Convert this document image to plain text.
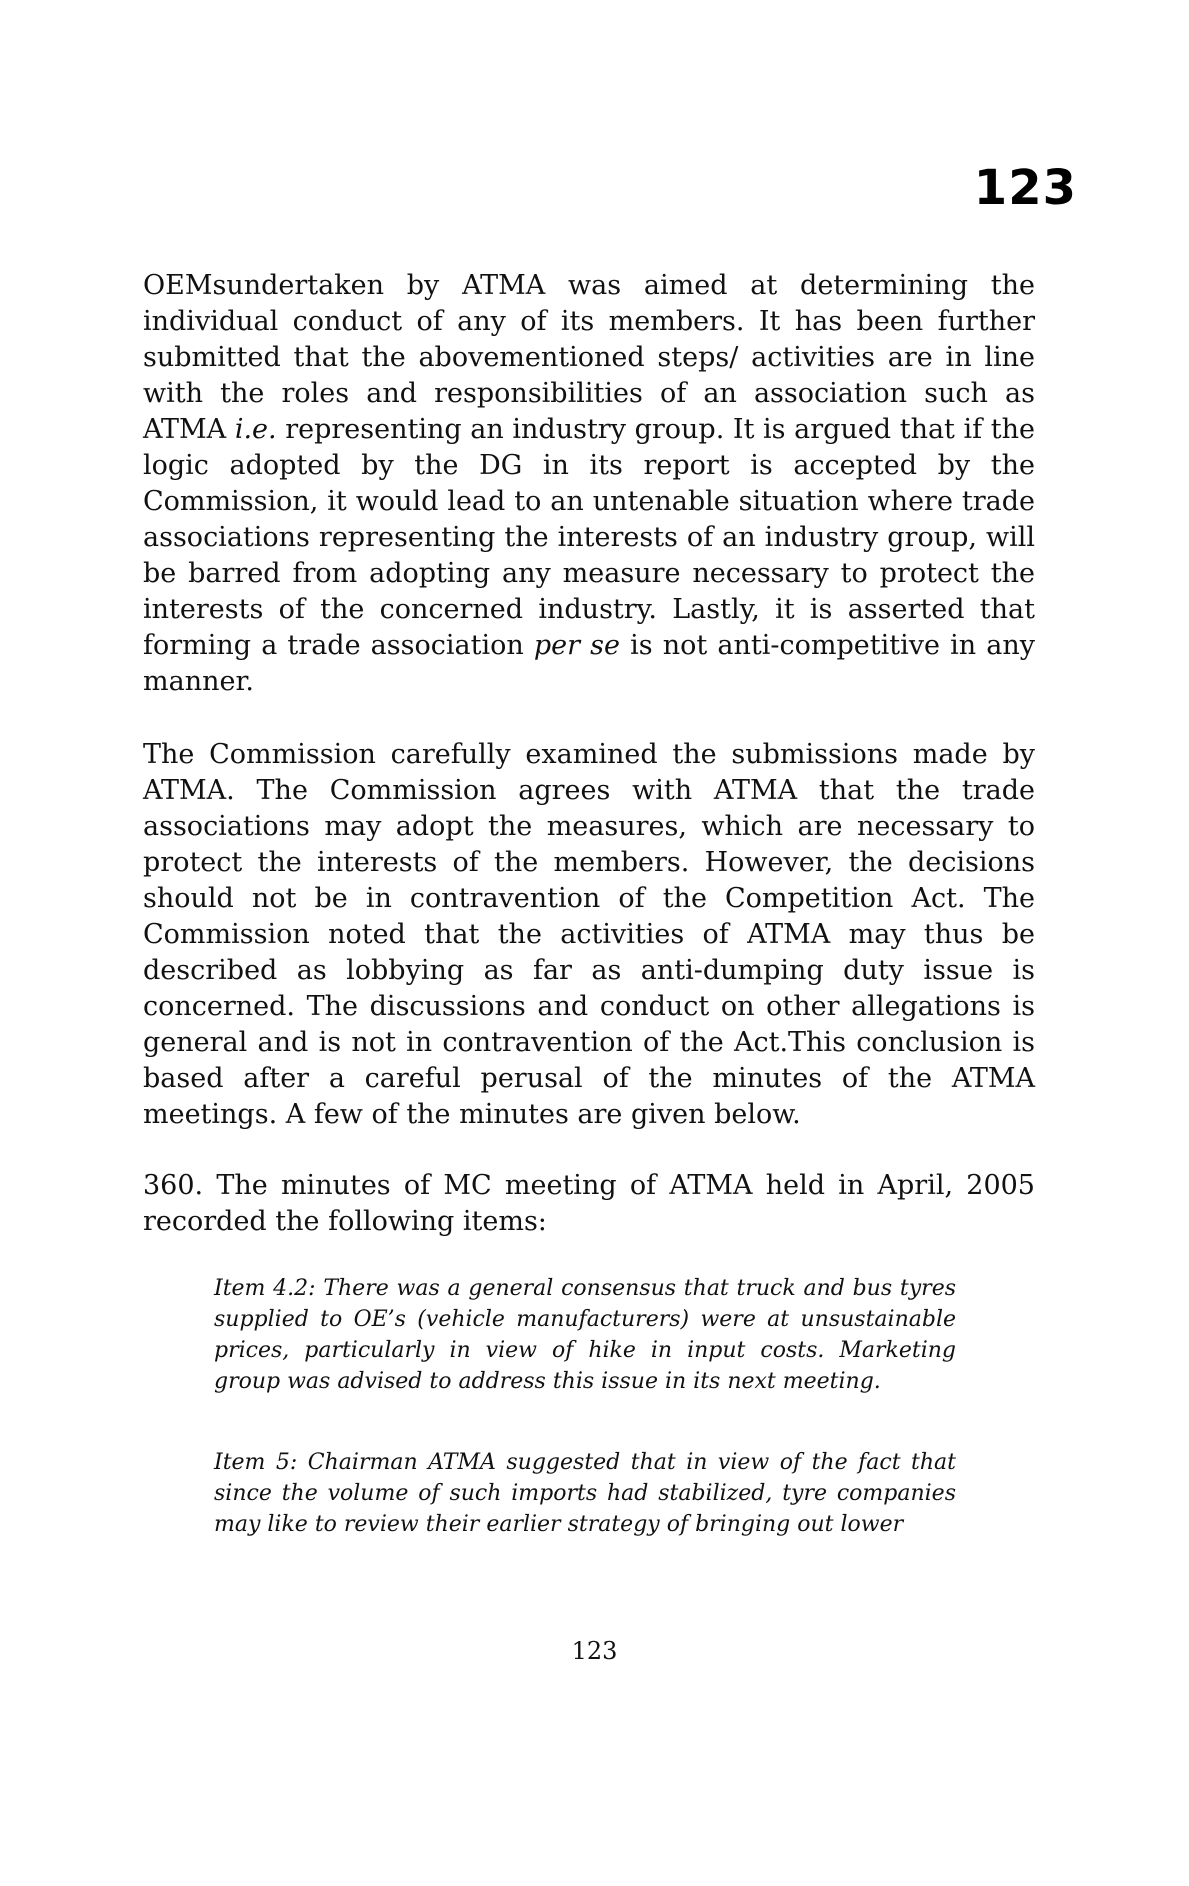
123
OEMsundertaken by ATMA was aimed at determining the individual conduct of any of its members. It has been further submitted that the abovementioned steps/ activities are in line with the roles and responsibilities of an association such as ATMA i.e. representing an industry group. It is argued that if the logic adopted by the DG in its report is accepted by the Commission, it would lead to an untenable situation where trade associations representing the interests of an industry group, will be barred from adopting any measure necessary to protect the interests of the concerned industry. Lastly, it is asserted that forming a trade association per se is not anti-competitive in any manner.
The Commission carefully examined the submissions made by ATMA. The Commission agrees with ATMA that the trade associations may adopt the measures, which are necessary to protect the interests of the members. However, the decisions should not be in contravention of the Competition Act. The Commission noted that the activities of ATMA may thus be described as lobbying as far as anti-dumping duty issue is concerned. The discussions and conduct on other allegations is general and is not in contravention of the Act.This conclusion is based after a careful perusal of the minutes of the ATMA meetings. A few of the minutes are given below.
360. The minutes of MC meeting of ATMA held in April, 2005 recorded the following items:
Item 4.2: There was a general consensus that truck and bus tyres supplied to OE’s (vehicle manufacturers) were at unsustainable prices, particularly in view of hike in input costs. Marketing group was advised to address this issue in its next meeting.
Item 5: Chairman ATMA suggested that in view of the fact that since the volume of such imports had stabilized, tyre companies may like to review their earlier strategy of bringing out lower
123
